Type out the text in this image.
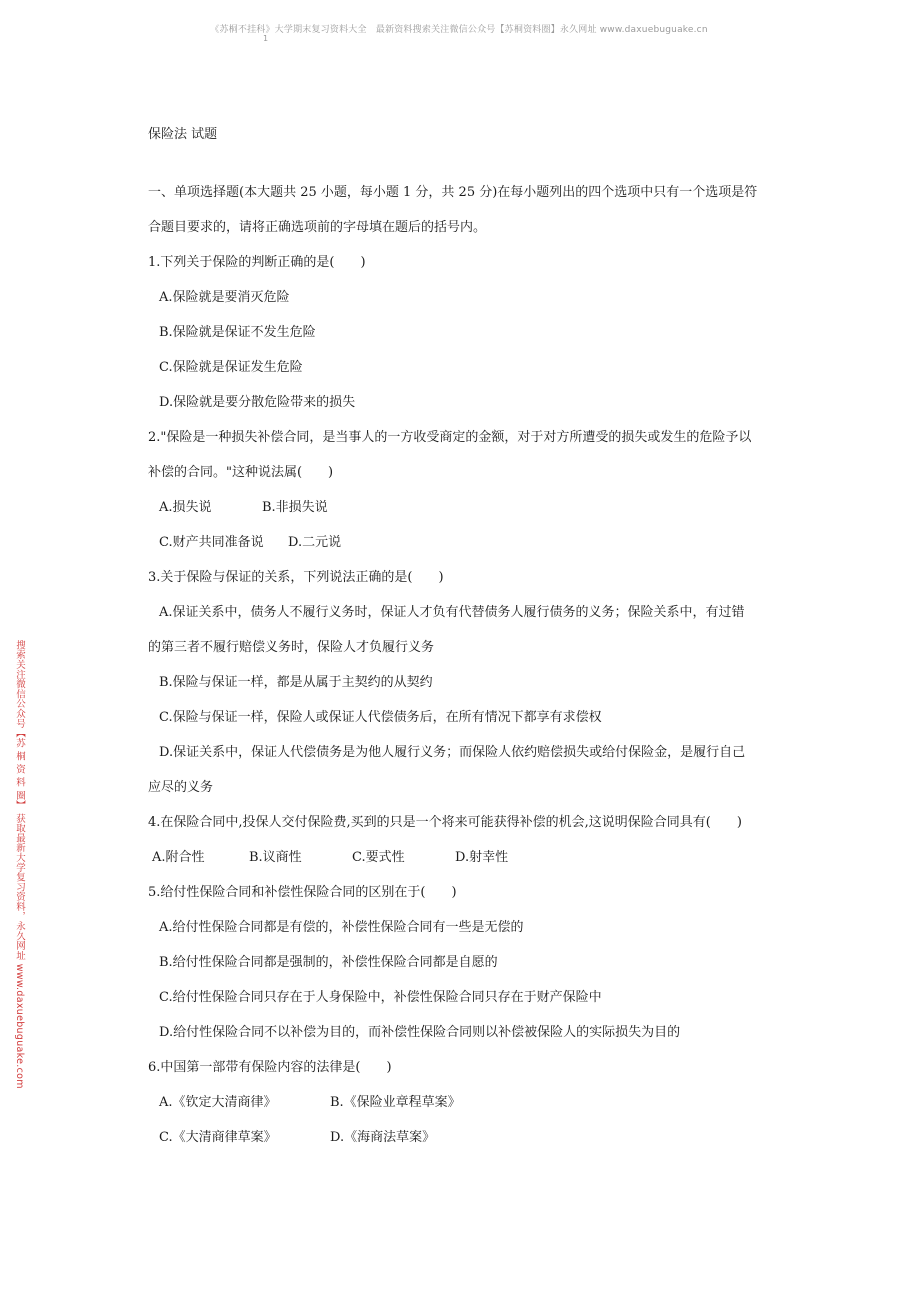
《苏桐不挂科》大学期末复习资料大全　最新资料搜索关注微信公众号【苏桐资料圈】永久网址 www.daxuebuguake.cn
1
搜索关注微信公众号【苏 桐 资 料 圈】 获取最新大学复习资料，永久网址 www.daxuebuguake.com
保险法 试题
一、单项选择题(本大题共 25 小题，每小题 1 分，共 25 分)在每小题列出的四个选项中只有一个选项是符
合题目要求的，请将正确选项前的字母填在题后的括号内。
1.下列关于保险的判断正确的是(　　)
A.保险就是要消灭危险
B.保险就是保证不发生危险
C.保险就是保证发生危险
D.保险就是要分散危险带来的损失
2."保险是一种损失补偿合同，是当事人的一方收受商定的金额，对于对方所遭受的损失或发生的危险予以
补偿的合同。"这种说法属(　　)
A.损失说	B.非损失说
C.财产共同准备说 D.二元说
3.关于保险与保证的关系，下列说法正确的是(　　)
A.保证关系中，债务人不履行义务时，保证人才负有代替债务人履行债务的义务；保险关系中，有过错
的第三者不履行赔偿义务时，保险人才负履行义务
B.保险与保证一样，都是从属于主契约的从契约
C.保险与保证一样，保险人或保证人代偿债务后，在所有情况下都享有求偿权
D.保证关系中，保证人代偿债务是为他人履行义务；而保险人依约赔偿损失或给付保险金，是履行自己
应尽的义务
4.在保险合同中,投保人交付保险费,买到的只是一个将来可能获得补偿的机会,这说明保险合同具有(　　)
A.附合性	B.议商性	C.要式性	D.射幸性
5.给付性保险合同和补偿性保险合同的区别在于(　　)
A.给付性保险合同都是有偿的，补偿性保险合同有一些是无偿的
B.给付性保险合同都是强制的，补偿性保险合同都是自愿的
C.给付性保险合同只存在于人身保险中，补偿性保险合同只存在于财产保险中
D.给付性保险合同不以补偿为目的，而补偿性保险合同则以补偿被保险人的实际损失为目的
6.中国第一部带有保险内容的法律是(　　)
A.《钦定大清商律》	B.《保险业章程草案》
C.《大清商律草案》	D.《海商法草案》
